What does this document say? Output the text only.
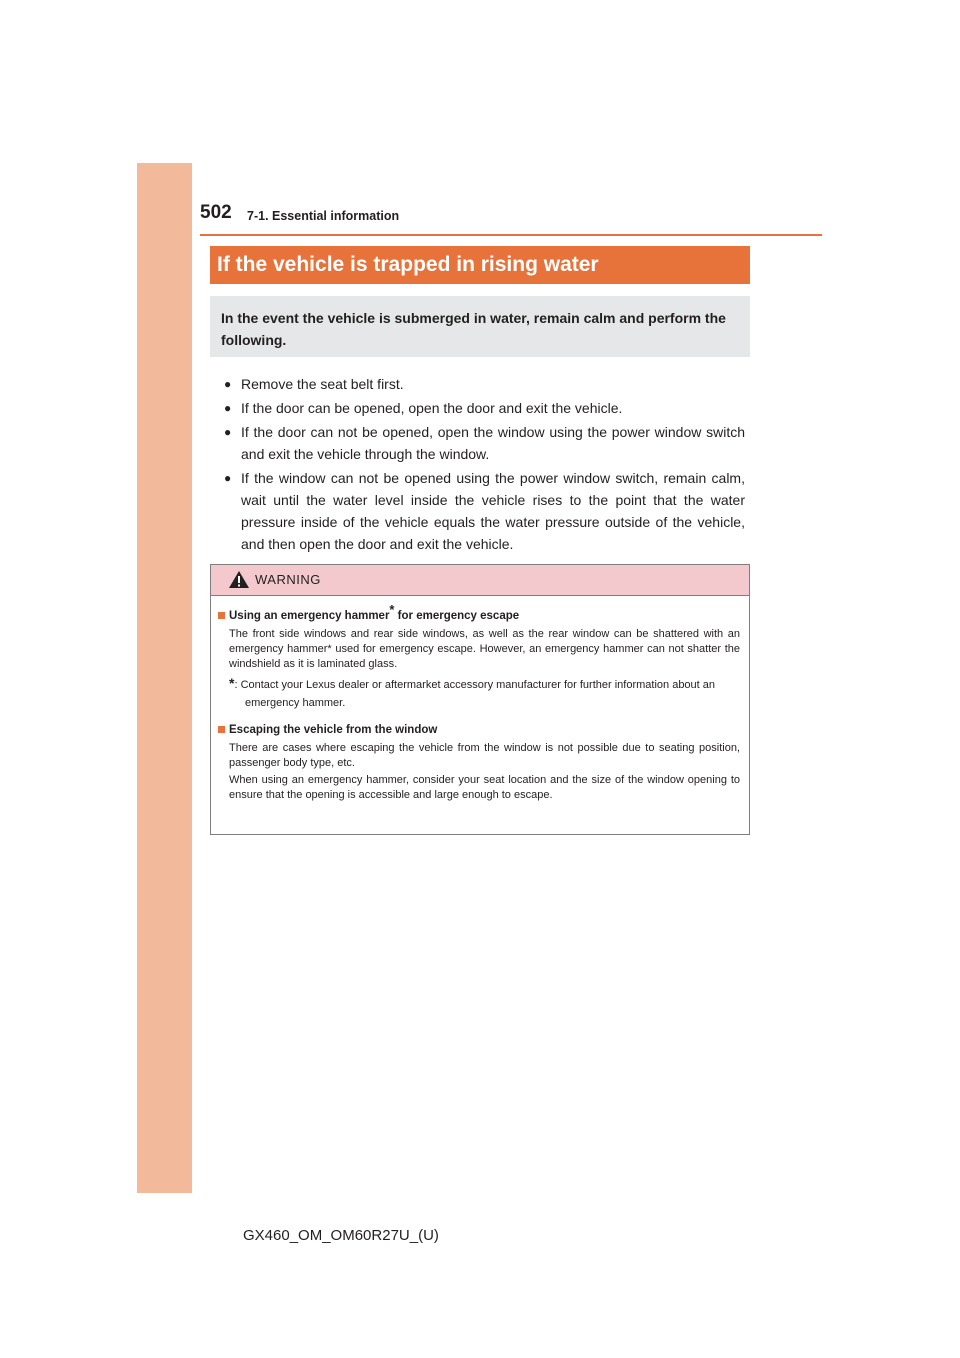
502 7-1. Essential information
If the vehicle is trapped in rising water
In the event the vehicle is submerged in water, remain calm and perform the following.
● Remove the seat belt first.
● If the door can be opened, open the door and exit the vehicle.
● If the door can not be opened, open the window using the power window switch and exit the vehicle through the window.
● If the window can not be opened using the power window switch, remain calm, wait until the water level inside the vehicle rises to the point that the water pressure inside of the vehicle equals the water pressure outside of the vehicle, and then open the door and exit the vehicle.
WARNING
Using an emergency hammer* for emergency escape

The front side windows and rear side windows, as well as the rear window can be shattered with an emergency hammer* used for emergency escape. However, an emergency hammer can not shatter the windshield as it is laminated glass.

*: Contact your Lexus dealer or aftermarket accessory manufacturer for further information about an emergency hammer.

Escaping the vehicle from the window

There are cases where escaping the vehicle from the window is not possible due to seating position, passenger body type, etc.

When using an emergency hammer, consider your seat location and the size of the window opening to ensure that the opening is accessible and large enough to escape.

GX460_OM_OM60R27U_(U)
